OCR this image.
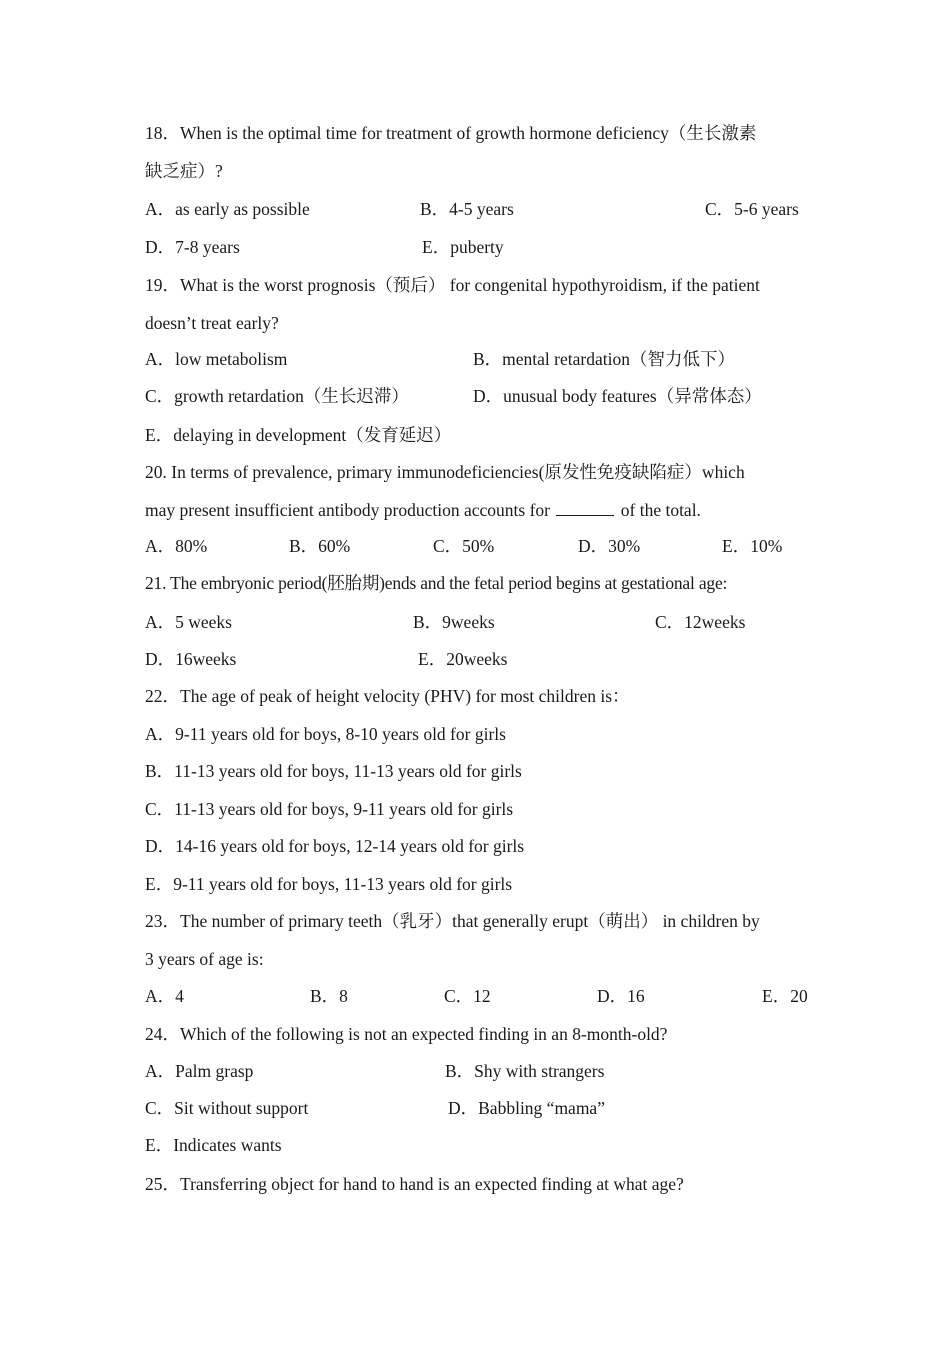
18．When is the optimal time for treatment of growth hormone deficiency（生长激素
缺乏症）?
A．as early as possible	B．4-5 years	C．5-6 years
D．7-8 years	E．puberty
19．What is the worst prognosis（预后） for congenital hypothyroidism, if the patient
doesn’t treat early?
A．low metabolism	B．mental retardation（智力低下）
C．growth retardation（生长迟滞）	D．unusual body features（异常体态）
E．delaying in development（发育延迟）
20. In terms of prevalence, primary immunodeficiencies(原发性免疫缺陷症）which
may present insufficient antibody production accounts for	of the total.
A．80%	B．60%	C．50%	D．30%	E．10%
21. The embryonic period(胚胎期)ends and the fetal period begins at gestational age:
A．5 weeks	B．9weeks	C．12weeks
D．16weeks	E．20weeks
22．The age of peak of height velocity (PHV) for most children is：
A．9-11 years old for boys, 8-10 years old for girls
B．11-13 years old for boys, 11-13 years old for girls
C．11-13 years old for boys, 9-11 years old for girls
D．14-16 years old for boys, 12-14 years old for girls
E．9-11 years old for boys, 11-13 years old for girls
23．The number of primary teeth（乳牙）that generally erupt（萌出） in children by
3 years of age is:
A．4	B．8	C．12	D．16	E．20
24．Which of the following is not an expected finding in an 8-month-old?
A．Palm grasp	B．Shy with strangers
C．Sit without support	D．Babbling “mama”
E．Indicates wants
25．Transferring object for hand to hand is an expected finding at what age?
